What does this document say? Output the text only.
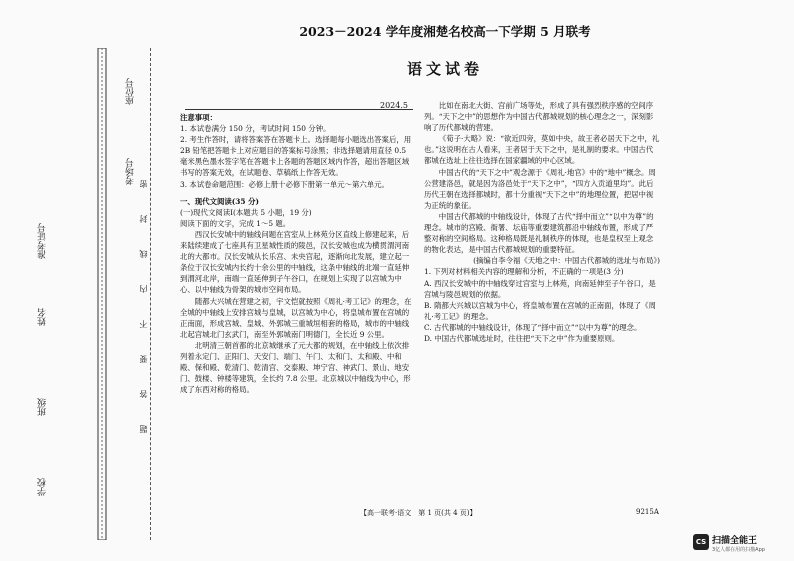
学校
班级
姓名
准考证号
考场号
座位号
密
封
线
内
不
要
答
题
2023－2024 学年度湘楚名校高一下学期 5 月联考
语文试卷
2024.5

注意事项：

1. 本试卷满分 150 分，考试时间 150 分钟。

2. 考生作答时，请将答案答在答题卡上。选择题每小题选出答案后，用 2B 铅笔把答题卡上对应题目的答案标号涂黑；非选择题请用直径 0.5 毫米黑色墨水签字笔在答题卡上各题的答题区域内作答，超出答题区域书写的答案无效，在试题卷、草稿纸上作答无效。

3. 本试卷命题范围：必修上册十必修下册第一单元～第六单元。

一、现代文阅读(35 分)

(一)现代文阅读Ⅰ(本题共 5 小题，19 分)

阅读下面的文字，完成 1～5 题。

西汉长安城中的轴线问题在宫室从上林苑分区直线上修建起来，后来陆续建成了七座具有卫星城性质的陵邑，汉长安城也成为横贯渭河南北的大都市。汉长安城从长乐宫、未央宫起，逐渐向北发展，建立起一条位于汉长安城内长约十余公里的中轴线，这条中轴线的北端一直延伸到渭河北岸，南端一直延伸到子午谷口，在规划上实现了以宫城为中心、以中轴线为骨架的城市空间布局。

随都大兴城在营建之初，宇文恺就按照《周礼·考工记》的理念，在全城的中轴线上安排宫城与皇城，以宫城为中心，将皇城布置在宫城的正南面，形成宫城、皇城、外郭城三重城垣相套的格局，城市的中轴线北起宫城北门玄武门，南至外郭城南门明德门，全长近 9 公里。

北明清三朝首都的北京城继承了元大都的规划，在中轴线上依次排列着永定门、正阳门、天安门、端门、午门、太和门、太和殿、中和殿、保和殿、乾清门、乾清宫、交泰殿、坤宁宫、神武门、景山、地安门、鼓楼、钟楼等建筑，全长约 7.8 公里。北京城以中轴线为中心，形成了东西对称的格局。

比如在南北大街、宫前广场等处，形成了具有强烈秩序感的空间序列。“天下之中”的思想作为中国古代都城规划的核心理念之一，深刻影响了历代都城的营建。

《荀子·大略》说：“欲近四旁，莫如中央，故王者必居天下之中，礼也。”这说明在古人看来，王者居于天下之中，是礼制的要求。中国古代都城在选址上往往选择在国家疆域的中心区域。

中国古代的“天下之中”观念源于《周礼·地官》中的“地中”概念。周公营建洛邑，就是因为洛邑处于“天下之中”，“四方入贡道里均”。此后历代王朝在选择都城时，都十分重视“天下之中”的地理位置，把居中视为正统的象征。

中国古代都城的中轴线设计，体现了古代“择中而立”“以中为尊”的理念。城市的宫殿、衙署、坛庙等重要建筑都沿中轴线布置，形成了严整对称的空间格局。这种格局既是礼制秩序的体现，也是皇权至上观念的物化表达，是中国古代都城规划的重要特征。

(摘编自李令福《天地之中：中国古代都城的选址与布局》)

1. 下列对材料相关内容的理解和分析，不正确的一项是(3 分)

A. 西汉长安城中的中轴线穿过宫室与上林苑，向南延伸至子午谷口，是宫城与陵邑规划的依据。

B. 隋都大兴城以宫城为中心，将皇城布置在宫城的正南面，体现了《周礼·考工记》的理念。

C. 古代都城的中轴线设计，体现了“择中而立”“以中为尊”的理念。

D. 中国古代都城选址时，往往把“天下之中”作为重要原则。

【高一联考·语文　第 1 页(共 4 页)】	9215A
CS 扫描全能王
3亿人都在用的扫描App
